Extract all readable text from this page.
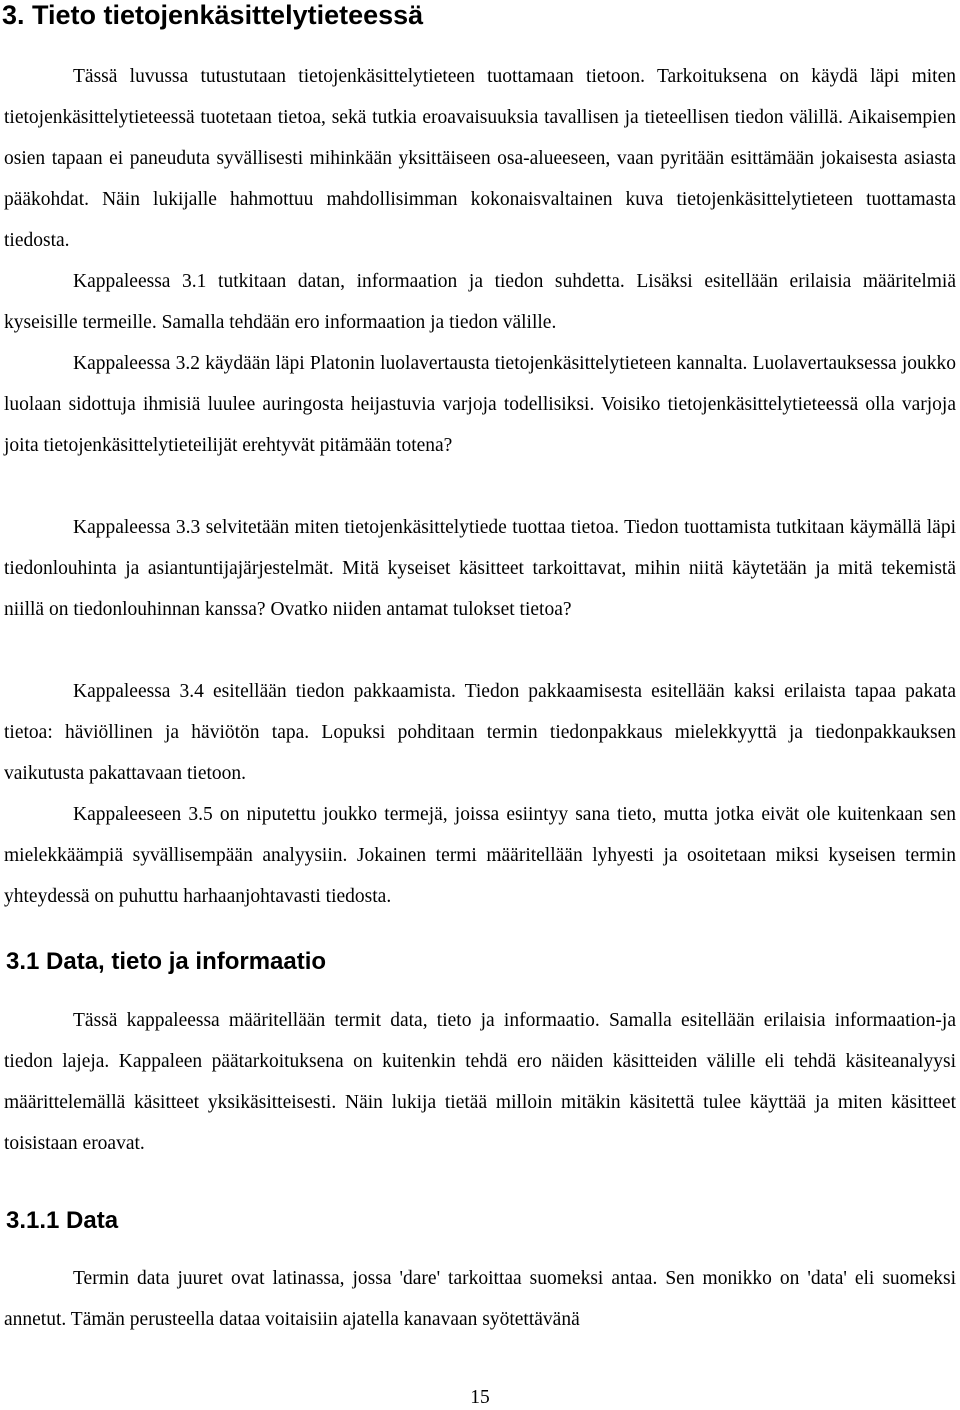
3. Tieto tietojenkäsittelytieteessä

Tässä luvussa tutustutaan tietojenkäsittelytieteen tuottamaan tietoon. Tarkoituksena on käydä läpi miten tietojenkäsittelytieteessä tuotetaan tietoa, sekä tutkia eroavaisuuksia tavallisen ja tieteellisen tiedon välillä. Aikaisempien osien tapaan ei paneuduta syvällisesti mihinkään yksittäiseen osa-alueeseen, vaan pyritään esittämään jokaisesta asiasta pääkohdat. Näin lukijalle hahmottuu mahdollisimman kokonaisvaltainen kuva tietojenkäsittelytieteen tuottamasta tiedosta.

Kappaleessa 3.1 tutkitaan datan, informaation ja tiedon suhdetta. Lisäksi esitellään erilaisia määritelmiä kyseisille termeille. Samalla tehdään ero informaation ja tiedon välille.

Kappaleessa 3.2 käydään läpi Platonin luolavertausta tietojenkäsittelytieteen kannalta. Luolavertauksessa joukko luolaan sidottuja ihmisiä luulee auringosta heijastuvia varjoja todellisiksi. Voisiko tietojenkäsittelytieteessä olla varjoja joita tietojenkäsittelytieteilijät erehtyvät pitämään totena?

Kappaleessa 3.3 selvitetään miten tietojenkäsittelytiede tuottaa tietoa. Tiedon tuottamista tutkitaan käymällä läpi tiedonlouhinta ja asiantuntijajärjestelmät. Mitä kyseiset käsitteet tarkoittavat, mihin niitä käytetään ja mitä tekemistä niillä on tiedonlouhinnan kanssa? Ovatko niiden antamat tulokset tietoa?

Kappaleessa 3.4 esitellään tiedon pakkaamista. Tiedon pakkaamisesta esitellään kaksi erilaista tapaa pakata tietoa: häviöllinen ja häviötön tapa. Lopuksi pohditaan termin tiedonpakkaus mielekkyyttä ja tiedonpakkauksen vaikutusta pakattavaan tietoon.

Kappaleeseen 3.5 on niputettu joukko termejä, joissa esiintyy sana tieto, mutta jotka eivät ole kuitenkaan sen mielekkäämpiä syvällisempään analyysiin. Jokainen termi määritellään lyhyesti ja osoitetaan miksi kyseisen termin yhteydessä on puhuttu harhaanjohtavasti tiedosta.

3.1 Data, tieto ja informaatio

Tässä kappaleessa määritellään termit data, tieto ja informaatio. Samalla esitellään erilaisia informaation-ja tiedon lajeja. Kappaleen päätarkoituksena on kuitenkin tehdä ero näiden käsitteiden välille eli tehdä käsiteanalyysi määrittelemällä käsitteet yksikäsitteisesti. Näin lukija tietää milloin mitäkin käsitettä tulee käyttää ja miten käsitteet toisistaan eroavat.

3.1.1 Data

Termin data juuret ovat latinassa, jossa 'dare' tarkoittaa suomeksi antaa. Sen monikko on 'data' eli suomeksi annetut. Tämän perusteella dataa voitaisiin ajatella kanavaan syötettävänä

15
